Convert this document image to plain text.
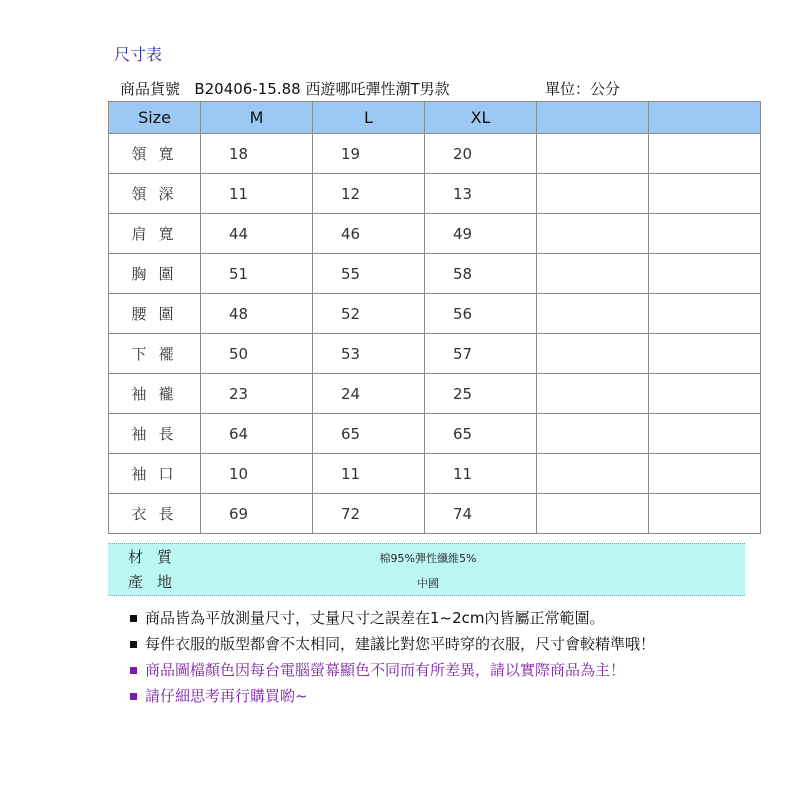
尺寸表
商品貨號 B20406-15.88 西遊哪吒彈性潮T男款	單位：公分
Size	M	L	XL		
領寬	18	19	20		
領深	11	12	13		
肩寬	44	46	49		
胸圍	51	55	58		
腰圍	48	52	56		
下襬	50	53	57		
袖襱	23	24	25		
袖長	64	65	65		
袖口	10	11	11		
衣長	69	72	74		
材質	棉95%彈性纖維5%
產地	中國
商品皆為平放測量尺寸，丈量尺寸之誤差在1~2cm內皆屬正常範圍。
每件衣服的版型都會不太相同，建議比對您平時穿的衣服，尺寸會較精準哦！
商品圖檔顏色因每台電腦螢幕顯色不同而有所差異，請以實際商品為主！
請仔細思考再行購買喲~
